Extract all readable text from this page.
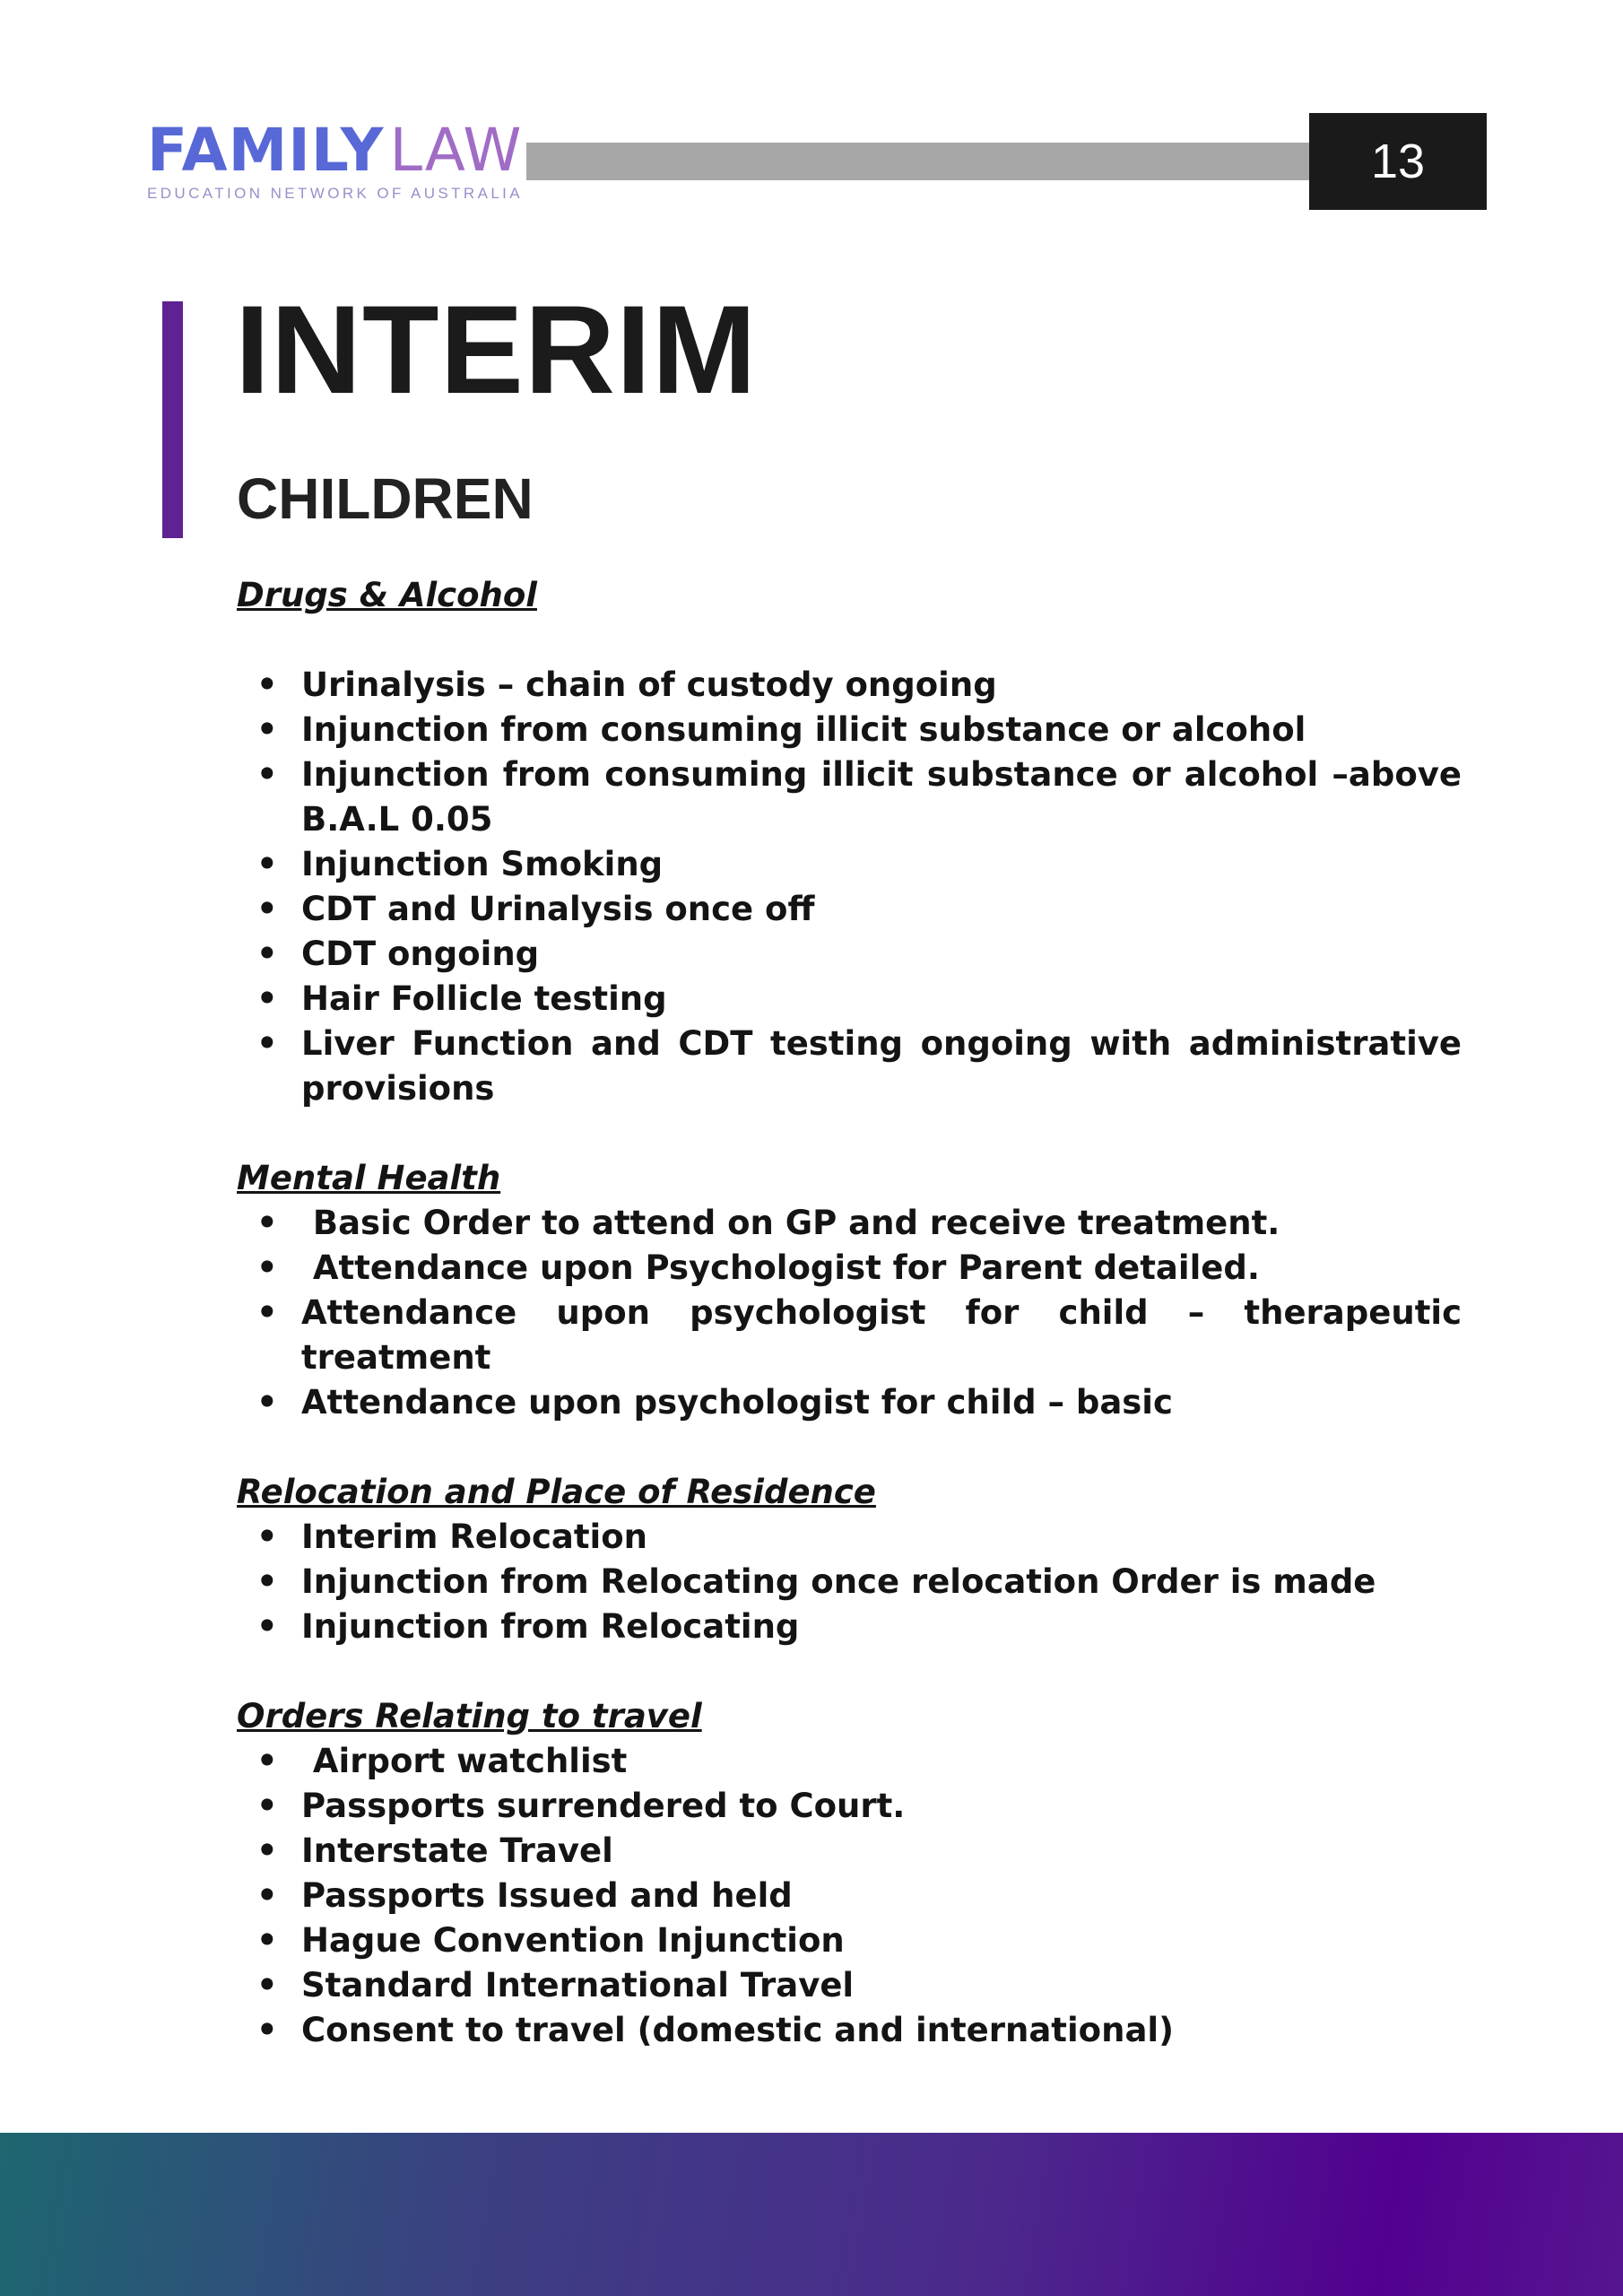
FAMILYLAW
EDUCATION NETWORK OF AUSTRALIA
13
INTERIM
CHILDREN
Drugs & Alcohol
• Urinalysis – chain of custody ongoing
• Injunction from consuming illicit substance or alcohol
• Injunction from consuming illicit substance or alcohol –above B.A.L 0.05
• Injunction Smoking
• CDT and Urinalysis once off
• CDT ongoing
• Hair Follicle testing
• Liver Function and CDT testing ongoing with administrative provisions
Mental Health
•  Basic Order to attend on GP and receive treatment.
•  Attendance upon Psychologist for Parent detailed.
• Attendance upon psychologist for child – therapeutic treatment
• Attendance upon psychologist for child – basic
Relocation and Place of Residence
• Interim Relocation
• Injunction from Relocating once relocation Order is made
• Injunction from Relocating
Orders Relating to travel
•  Airport watchlist
• Passports surrendered to Court.
• Interstate Travel
• Passports Issued and held
• Hague Convention Injunction
• Standard International Travel
• Consent to travel (domestic and international)
